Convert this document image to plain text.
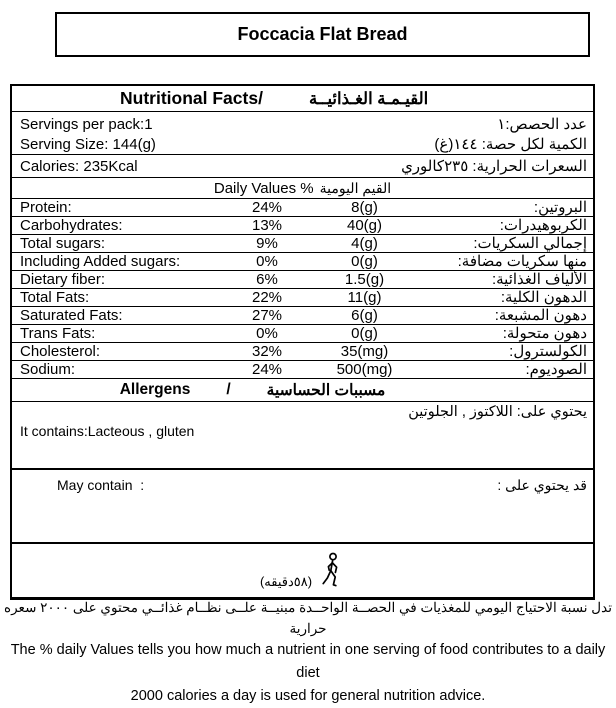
Foccacia Flat Bread
Nutritional Facts/	القيـمـة الغـذائيــة
Servings per pack:1	عدد الحصص:١
Serving Size: 144(g)	الكمية لكل حصة: ١٤٤(غ)
Calories: 235Kcal	السعرات الحرارية: ٢٣٥كالوري
Daily Values % القيم اليومية
Protein:	24%	8(g)	البروتين:
Carbohydrates:	13%	40(g)	الكربوهيدرات:
Total sugars:	9%	4(g)	إجمالي السكريات:
Including Added sugars:	0%	0(g)	منها سكريات مضافة:
Dietary fiber:	6%	1.5(g)	الألياف الغذائية:
Total Fats:	22%	11(g)	الدهون الكلية:
Saturated Fats:	27%	6(g)	دهون المشبعة:
Trans Fats:	0%	0(g)	دهون متحولة:
Cholesterol:	32%	35(mg)	الكولسترول:
Sodium:	24%	500(mg)	الصوديوم:
Allergens / مسببات الحساسية
يحتوي على: اللاكتوز , الجلوتين
It contains:Lacteous , gluten
May contain  :	قد يحتوي على :
(٥٨دقيقه)
تدل نسبة الاحتياج اليومي للمغذيات في الحصــة الواحــدة مبنيــة علــى نظــام غذائــي محتوي على ٢٠٠٠ سعره حرارية
The % daily Values tells you how much a nutrient in one serving of food contributes to a daily diet
2000 calories a day is used for general nutrition advice.
